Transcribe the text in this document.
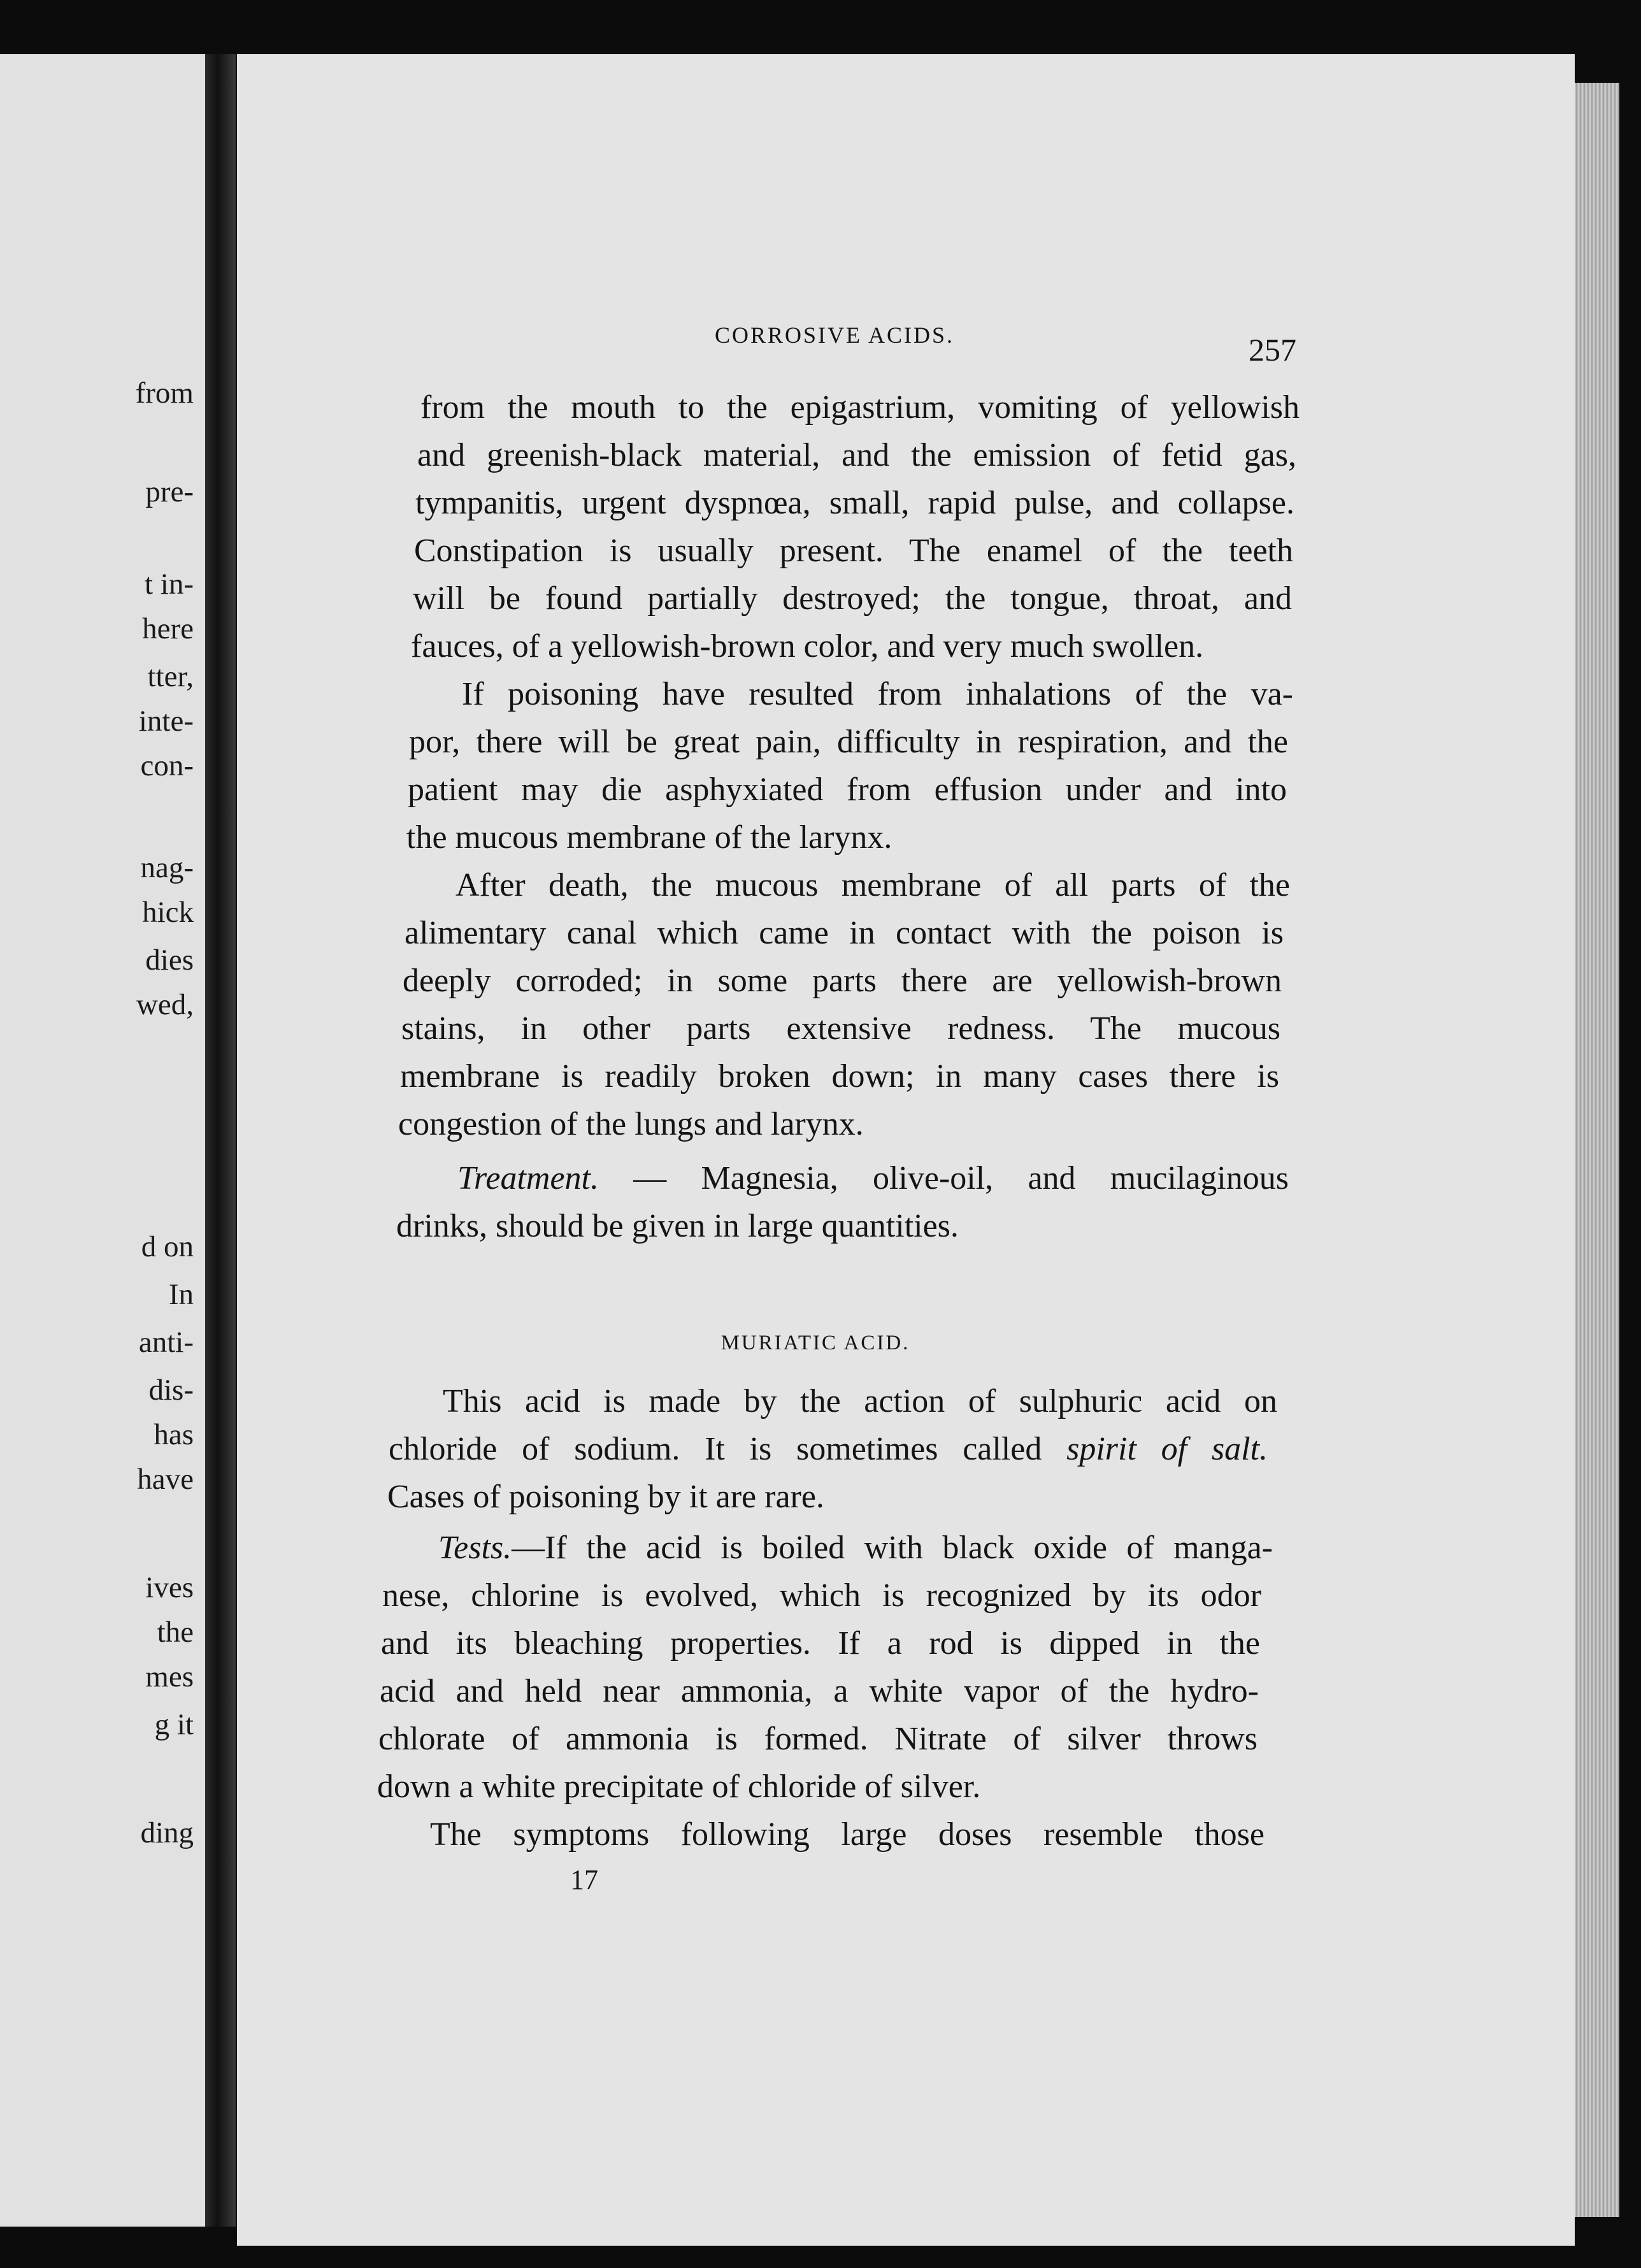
from
pre-
t in-
here
tter,
inte-
con-
nag-
hick
dies
wed,
d on
In
anti-
dis-
has
have
ives
the
mes
g it
ding
CORROSIVE ACIDS.	257
from the mouth to the epigastrium, vomiting of yellowish
and greenish-black material, and the emission of fetid gas,
tympanitis, urgent dyspnœa, small, rapid pulse, and collapse.
Constipation is usually present. The enamel of the teeth
will be found partially destroyed; the tongue, throat, and
fauces, of a yellowish-brown color, and very much swollen.
If poisoning have resulted from inhalations of the va-
por, there will be great pain, difficulty in respiration, and the
patient may die asphyxiated from effusion under and into
the mucous membrane of the larynx.
After death, the mucous membrane of all parts of the
alimentary canal which came in contact with the poison is
deeply corroded; in some parts there are yellowish-brown
stains, in other parts extensive redness. The mucous
membrane is readily broken down; in many cases there is
congestion of the lungs and larynx.
Treatment. — Magnesia, olive-oil, and mucilaginous
drinks, should be given in large quantities.
This acid is made by the action of sulphuric acid on
chloride of sodium. It is sometimes called spirit of salt.
Cases of poisoning by it are rare.
Tests.—If the acid is boiled with black oxide of manga-
nese, chlorine is evolved, which is recognized by its odor
and its bleaching properties. If a rod is dipped in the
acid and held near ammonia, a white vapor of the hydro-
chlorate of ammonia is formed. Nitrate of silver throws
down a white precipitate of chloride of silver.
The symptoms following large doses resemble those
MURIATIC ACID.
17
